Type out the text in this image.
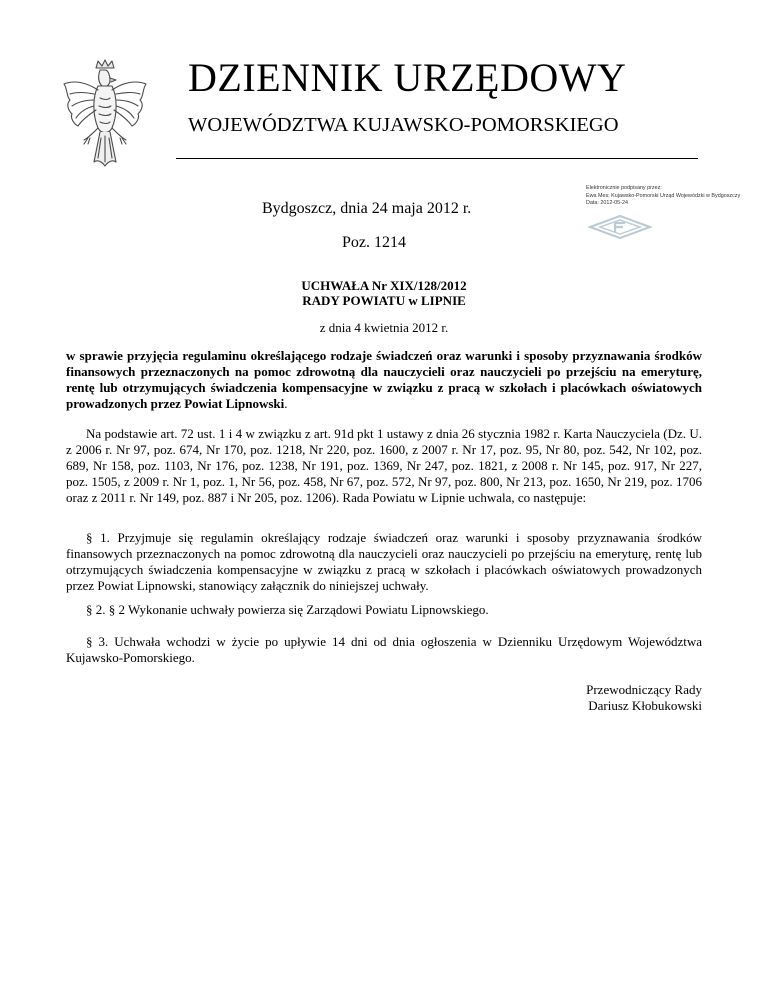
DZIENNIK URZĘDOWY
WOJEWÓDZTWA KUJAWSKO-POMORSKIEGO
Elektronicznie podpisany przez:
Ewa Mes; Kujawsko-Pomorski Urząd Wojewódzki w Bydgoszczy
Data: 2012-05-24
Bydgoszcz, dnia 24 maja 2012 r.
Poz. 1214
UCHWAŁA Nr XIX/128/2012
RADY POWIATU w LIPNIE
z dnia 4 kwietnia 2012 r.
w sprawie przyjęcia regulaminu określającego rodzaje świadczeń oraz warunki i sposoby przyznawania środków finansowych przeznaczonych na pomoc zdrowotną dla nauczycieli oraz nauczycieli po przejściu na emeryturę, rentę lub otrzymujących świadczenia kompensacyjne w związku z pracą w szkołach i placówkach oświatowych prowadzonych przez Powiat Lipnowski.
Na podstawie art. 72 ust. 1 i 4 w związku z art. 91d pkt 1 ustawy z dnia 26 stycznia 1982 r. Karta Nauczyciela (Dz. U. z 2006 r. Nr 97, poz. 674, Nr 170, poz. 1218, Nr 220, poz. 1600, z 2007 r. Nr 17, poz. 95, Nr 80, poz. 542, Nr 102, poz. 689, Nr 158, poz. 1103, Nr 176, poz. 1238, Nr 191, poz. 1369, Nr 247, poz. 1821, z 2008 r. Nr 145, poz. 917, Nr 227, poz. 1505, z 2009 r. Nr 1, poz. 1, Nr 56, poz. 458, Nr 67, poz. 572, Nr 97, poz. 800, Nr 213, poz. 1650, Nr 219, poz. 1706 oraz z 2011 r. Nr 149, poz. 887 i Nr 205, poz. 1206). Rada Powiatu w Lipnie uchwala, co następuje:
§ 1. Przyjmuje się regulamin określający rodzaje świadczeń oraz warunki i sposoby przyznawania środków finansowych przeznaczonych na pomoc zdrowotną dla nauczycieli oraz nauczycieli po przejściu na emeryturę, rentę lub otrzymujących świadczenia kompensacyjne w związku z pracą w szkołach i placówkach oświatowych prowadzonych przez Powiat Lipnowski, stanowiący załącznik do niniejszej uchwały.
§ 2. § 2 Wykonanie uchwały powierza się Zarządowi Powiatu Lipnowskiego.
§ 3. Uchwała wchodzi w życie po upływie 14 dni od dnia ogłoszenia w Dzienniku Urzędowym Województwa Kujawsko-Pomorskiego.
Przewodniczący Rady
Dariusz Kłobukowski
